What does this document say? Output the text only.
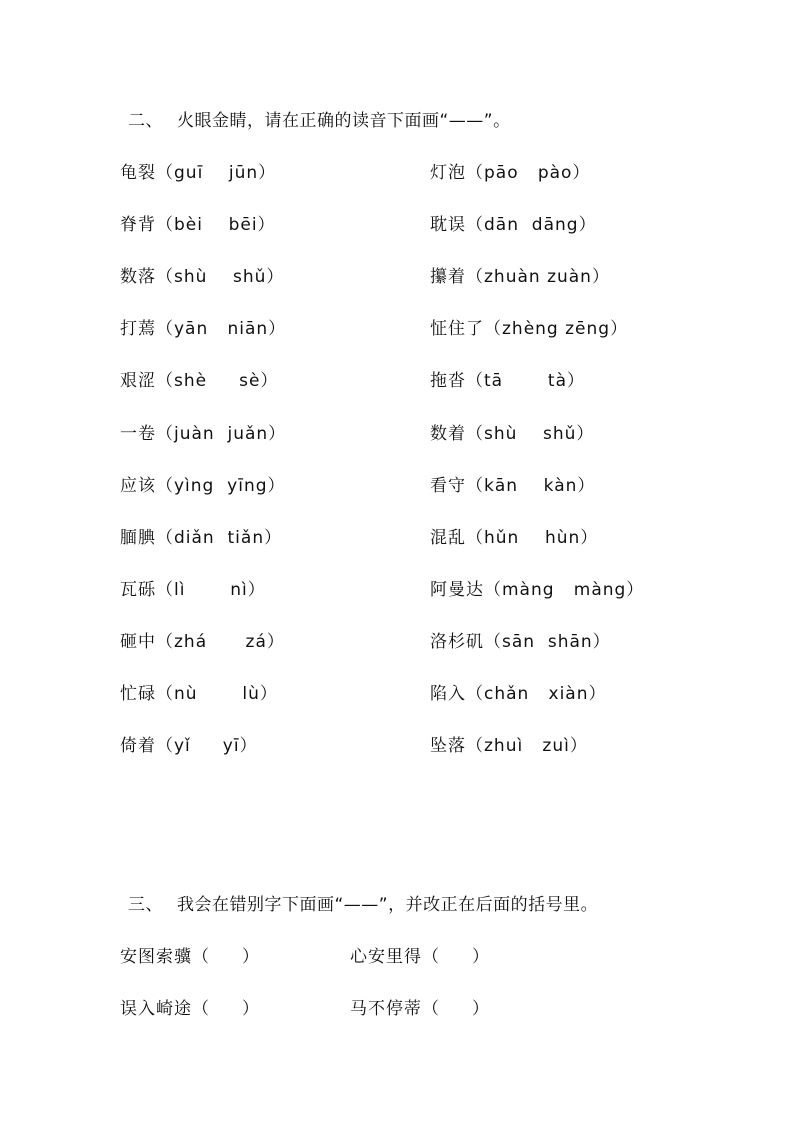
二、 火眼金睛，请在正确的读音下面画“——”。
龟裂（guī    jūn）
脊背（bèi    bēi）
数落（shù    shǔ）
打蔫（yān   niān）
艰涩（shè     sè）
一卷（juàn  juǎn）
应该（yìng  yīng）
腼腆（diǎn  tiǎn）
瓦砾（lì       nì）
砸中（zhá      zá）
忙碌（nù       lù）
倚着（yǐ     yī）
灯泡（pāo   pào）
耽误（dān  dāng）
攥着（zhuàn zuàn）
怔住了（zhèng zēng）
拖沓（tā       tà）
数着（shù    shǔ）
看守（kān    kàn）
混乱（hǔn    hùn）
阿曼达（màng   màng）
洛杉矶（sān  shān）
陷入（chǎn   xiàn）
坠落（zhuì   zuì）
三、 我会在错别字下面画“——”，并改正在后面的括号里。
安图索骥（     ）	心安里得（     ）
误入崎途（     ）	马不停蒂（     ）
